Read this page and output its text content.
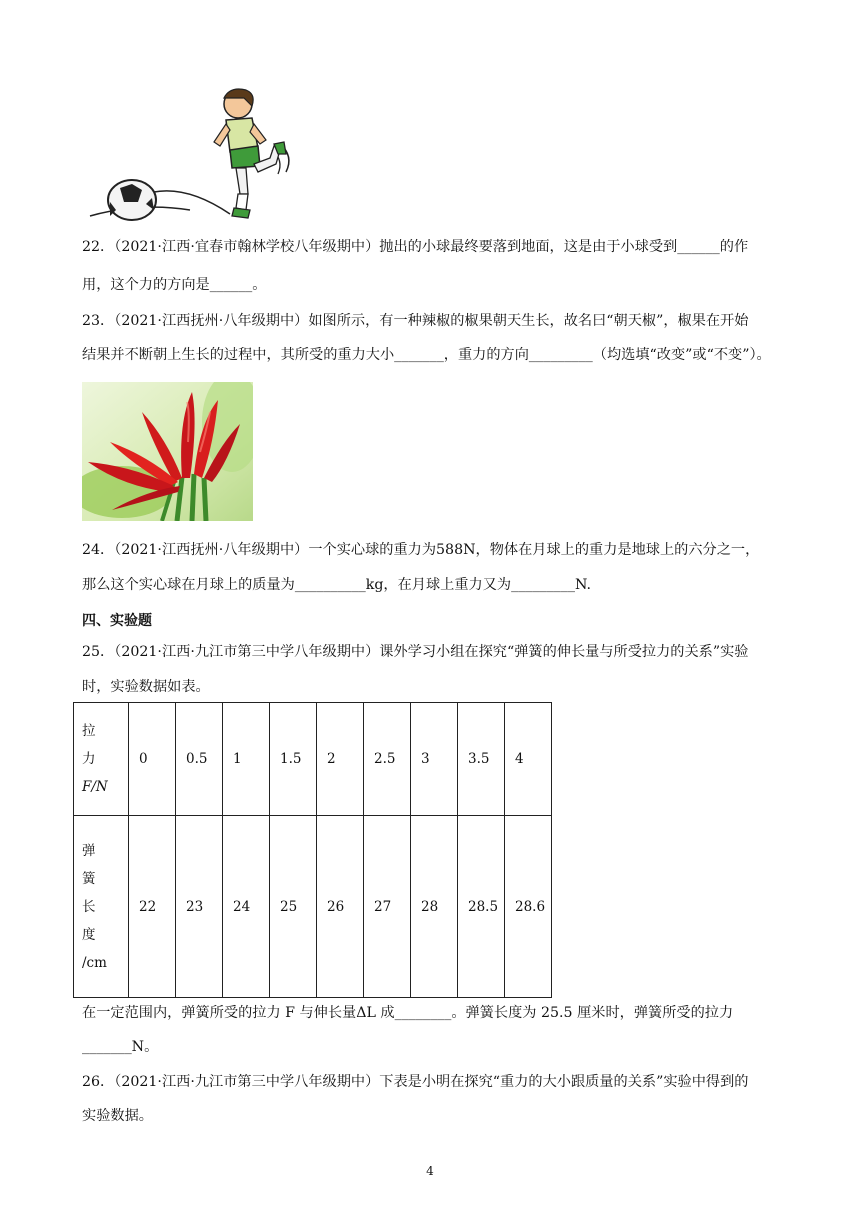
22．（2021·江西·宜春市翰林学校八年级期中）抛出的小球最终要落到地面，这是由于小球受到______的作

用，这个力的方向是______。

23．（2021·江西抚州·八年级期中）如图所示，有一种辣椒的椒果朝天生长，故名曰“朝天椒”，椒果在开始

结果并不断朝上生长的过程中，其所受的重力大小_______，重力的方向_________（均选填“改变”或“不变”）。

24．（2021·江西抚州·八年级期中）一个实心球的重力为588N，物体在月球上的重力是地球上的六分之一，

那么这个实心球在月球上的质量为__________kg，在月球上重力又为_________N.

四、实验题

25．（2021·江西·九江市第三中学八年级期中）课外学习小组在探究“弹簧的伸长量与所受拉力的关系”实验

时，实验数据如表。

拉
力
F/N	0	0.5	1	1.5	2	2.5	3	3.5	4

弹
簧
长
度
/cm	22	23	24	25	26	27	28	28.5	28.6

在一定范围内，弹簧所受的拉力 F 与伸长量ΔL 成________。弹簧长度为 25.5 厘米时，弹簧所受的拉力

_______N。

26．（2021·江西·九江市第三中学八年级期中）下表是小明在探究“重力的大小跟质量的关系”实验中得到的

实验数据。

4
